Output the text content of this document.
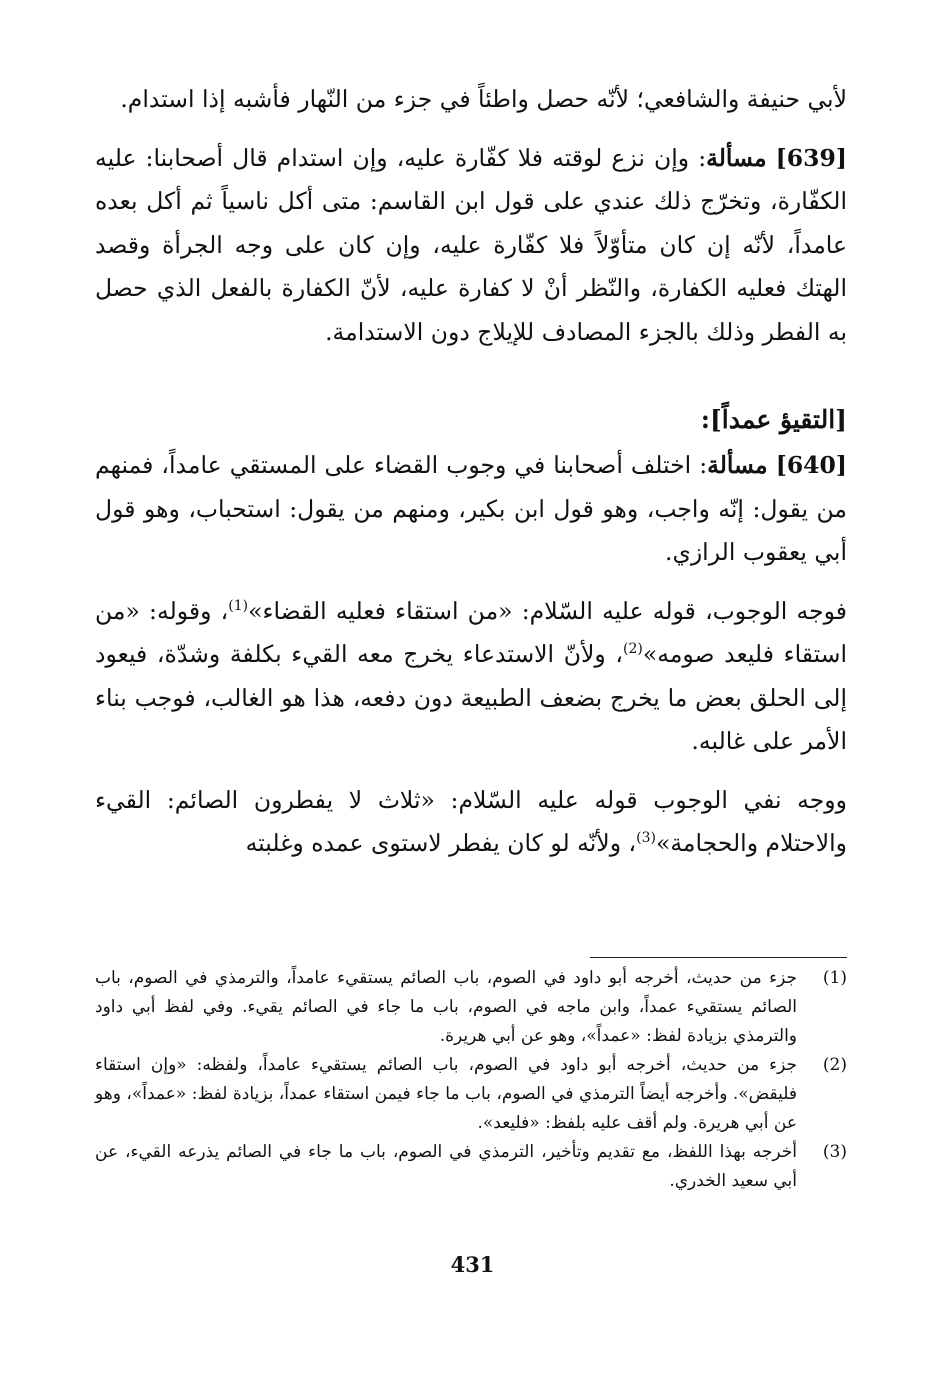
لأبي حنيفة والشافعي؛ لأنّه حصل واطئاً في جزء من النّهار فأشبه إذا استدام.

[639] مسألة: وإن نزع لوقته فلا كفّارة عليه، وإن استدام قال أصحابنا: عليه الكفّارة، وتخرّج ذلك عندي على قول ابن القاسم: متى أكل ناسياً ثم أكل بعده عامداً، لأنّه إن كان متأوّلاً فلا كفّارة عليه، وإن كان على وجه الجرأة وقصد الهتك فعليه الكفارة، والنّظر أنْ لا كفارة عليه، لأنّ الكفارة بالفعل الذي حصل به الفطر وذلك بالجزء المصادف للإيلاج دون الاستدامة.

[التقيؤ عمداً]:

[640] مسألة: اختلف أصحابنا في وجوب القضاء على المستقي عامداً، فمنهم من يقول: إنّه واجب، وهو قول ابن بكير، ومنهم من يقول: استحباب، وهو قول أبي يعقوب الرازي.

فوجه الوجوب، قوله عليه السّلام: «من استقاء فعليه القضاء»$^{(1)}$، وقوله: «من استقاء فليعد صومه»$^{(2)}$، ولأنّ الاستدعاء يخرج معه القيء بكلفة وشدّة، فيعود إلى الحلق بعض ما يخرج بضعف الطبيعة دون دفعه، هذا هو الغالب، فوجب بناء الأمر على غالبه.

ووجه نفي الوجوب قوله عليه السّلام: «ثلاث لا يفطرون الصائم: القيء والاحتلام والحجامة»$^{(3)}$، ولأنّه لو كان يفطر لاستوى عمده وغلبته

(1)
جزء من حديث، أخرجه أبو داود في الصوم، باب الصائم يستقيء عامداً، والترمذي في الصوم، باب الصائم يستقيء عمداً، وابن ماجه في الصوم، باب ما جاء في الصائم يقيء. وفي لفظ أبي داود والترمذي بزيادة لفظ: «عمداً»، وهو عن أبي هريرة.

(2)
جزء من حديث، أخرجه أبو داود في الصوم، باب الصائم يستقيء عامداً، ولفظه: «وإن استقاء فليقض». وأخرجه أيضاً الترمذي في الصوم، باب ما جاء فيمن استقاء عمداً، بزيادة لفظ: «عمداً»، وهو عن أبي هريرة. ولم أقف عليه بلفظ: «فليعد».

(3)
أخرجه بهذا اللفظ، مع تقديم وتأخير، الترمذي في الصوم، باب ما جاء في الصائم يذرعه القيء، عن أبي سعيد الخدري.

431
